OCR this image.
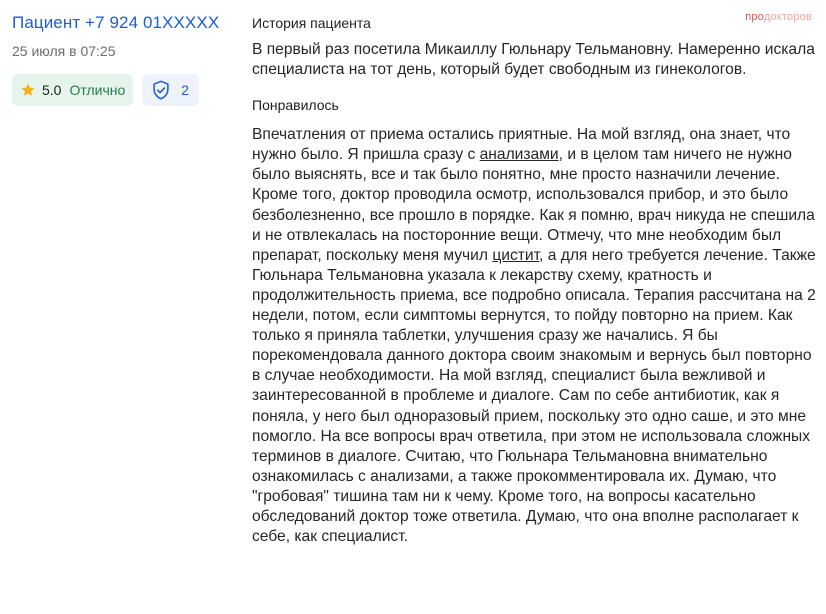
Пациент +7 924 01XXXXX
25 июля в 07:25
5.0 Отлично	2
продокторов
История пациента
В первый раз посетила Микаиллу Гюльнару Тельмановну. Намеренно искала специалиста на тот день, который будет свободным из гинекологов.
Понравилось
Впечатления от приема остались приятные. На мой взгляд, она знает, что нужно было. Я пришла сразу с анализами, и в целом там ничего не нужно было выяснять, все и так было понятно, мне просто назначили лечение. Кроме того, доктор проводила осмотр, использовался прибор, и это было безболезненно, все прошло в порядке. Как я помню, врач никуда не спешила и не отвлекалась на посторонние вещи. Отмечу, что мне необходим был препарат, поскольку меня мучил цистит, а для него требуется лечение. Также Гюльнара Тельмановна указала к лекарству схему, кратность и продолжительность приема, все подробно описала. Терапия рассчитана на 2 недели, потом, если симптомы вернутся, то пойду повторно на прием. Как только я приняла таблетки, улучшения сразу же начались. Я бы порекомендовала данного доктора своим знакомым и вернусь был повторно в случае необходимости. На мой взгляд, специалист была вежливой и заинтересованной в проблеме и диалоге. Сам по себе антибиотик, как я поняла, у него был одноразовый прием, поскольку это одно саше, и это мне помогло. На все вопросы врач ответила, при этом не использовала сложных терминов в диалоге. Считаю, что Гюльнара Тельмановна внимательно ознакомилась с анализами, а также прокомментировала их. Думаю, что "гробовая" тишина там ни к чему. Кроме того, на вопросы касательно обследований доктор тоже ответила. Думаю, что она вполне располагает к себе, как специалист.
